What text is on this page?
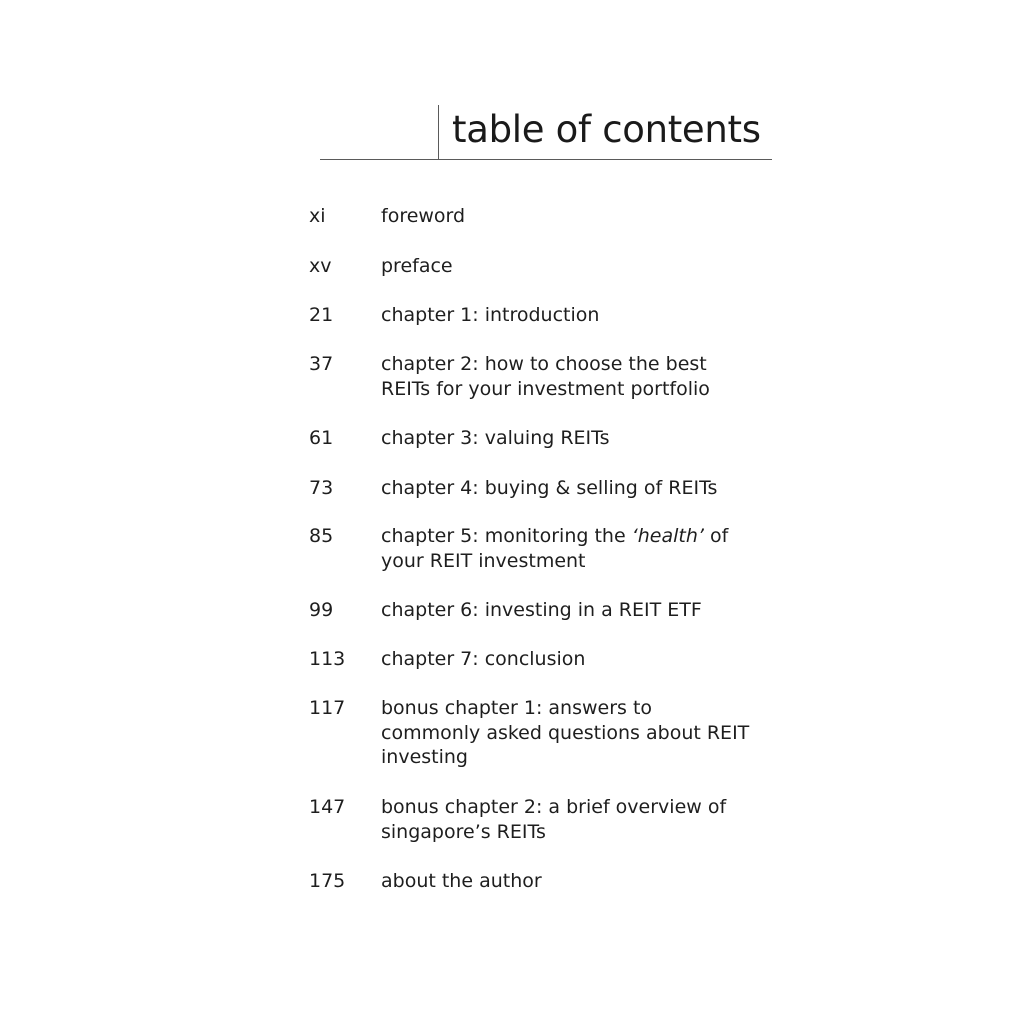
table of contents
xi	foreword
xv	preface
21	chapter 1: introduction
37	chapter 2: how to choose the best
REITs for your investment portfolio
61	chapter 3: valuing REITs
73	chapter 4: buying & selling of REITs
85	chapter 5: monitoring the ‘health’ of
your REIT investment
99	chapter 6: investing in a REIT ETF
113	chapter 7: conclusion
117	bonus chapter 1: answers to
commonly asked questions about REIT
investing
147	bonus chapter 2: a brief overview of
singapore’s REITs
175	about the author
